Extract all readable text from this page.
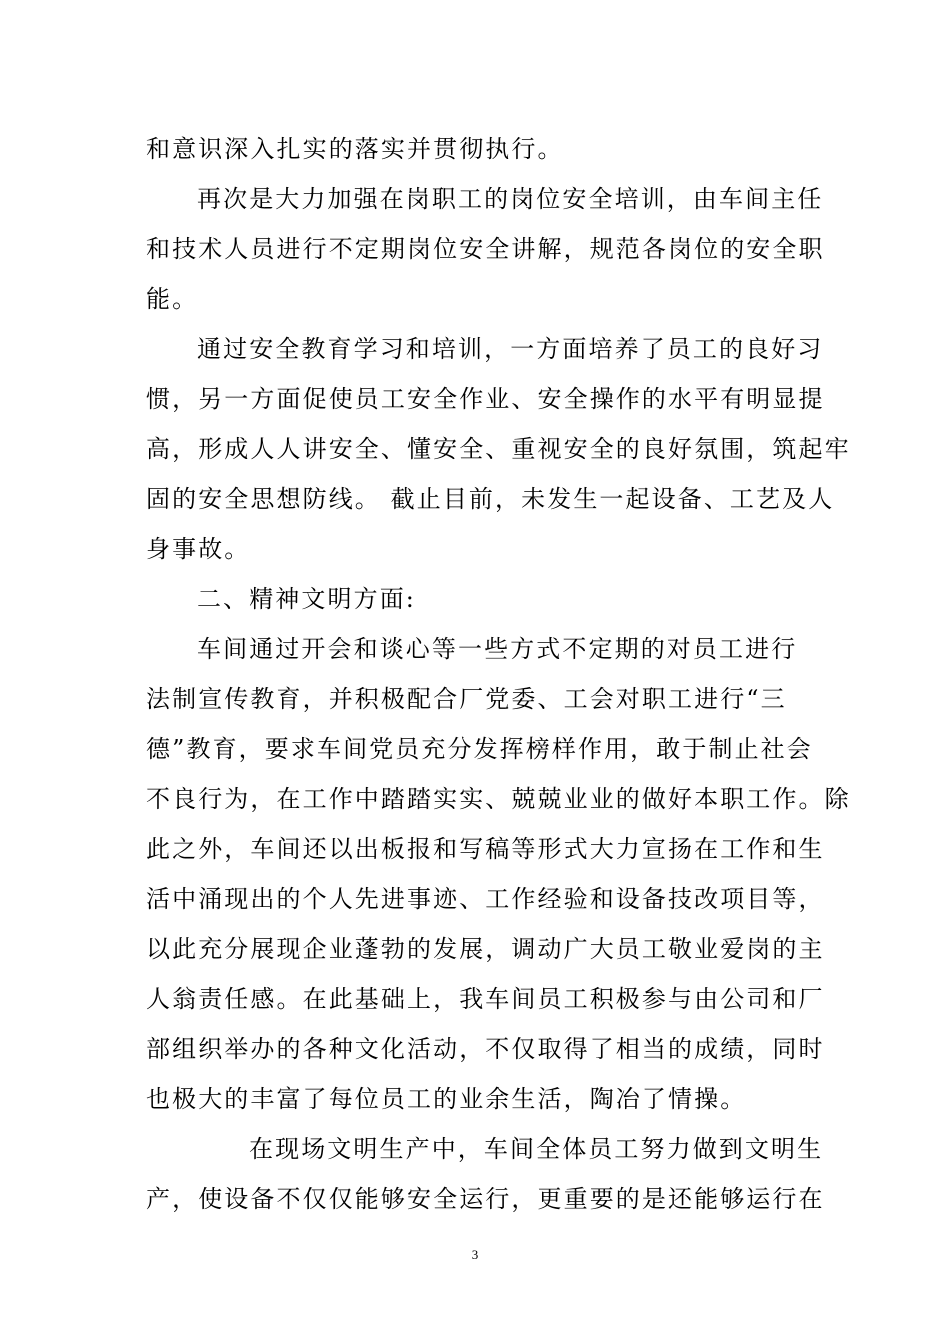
和意识深入扎实的落实并贯彻执行。
再次是大力加强在岗职工的岗位安全培训，由车间主任
和技术人员进行不定期岗位安全讲解，规范各岗位的安全职
能。
通过安全教育学习和培训，一方面培养了员工的良好习
惯，另一方面促使员工安全作业、安全操作的水平有明显提
高，形成人人讲安全、懂安全、重视安全的良好氛围，筑起牢
固的安全思想防线。 截止目前，未发生一起设备、工艺及人
身事故。
二、精神文明方面:
车间通过开会和谈心等一些方式不定期的对员工进行
法制宣传教育，并积极配合厂党委、工会对职工进行“三
德”教育，要求车间党员充分发挥榜样作用，敢于制止社会
不良行为，在工作中踏踏实实、兢兢业业的做好本职工作。除
此之外，车间还以出板报和写稿等形式大力宣扬在工作和生
活中涌现出的个人先进事迹、工作经验和设备技改项目等，
以此充分展现企业蓬勃的发展，调动广大员工敬业爱岗的主
人翁责任感。在此基础上，我车间员工积极参与由公司和厂
部组织举办的各种文化活动，不仅取得了相当的成绩，同时
也极大的丰富了每位员工的业余生活，陶冶了情操。
在现场文明生产中，车间全体员工努力做到文明生
产，使设备不仅仅能够安全运行，更重要的是还能够运行在
3
